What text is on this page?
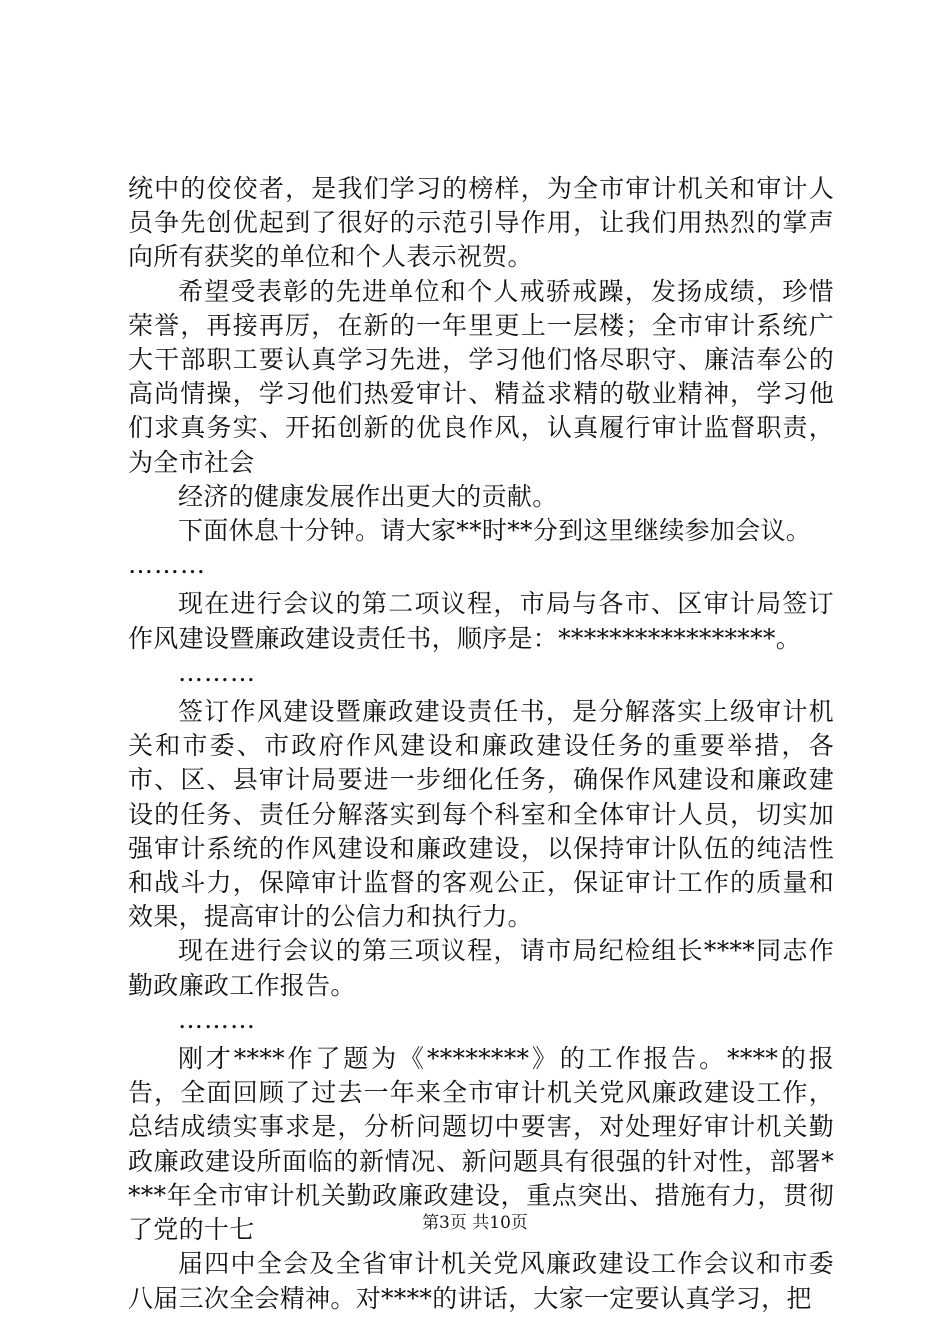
统中的佼佼者，是我们学习的榜样，为全市审计机关和审计人员争先创优起到了很好的示范引导作用，让我们用热烈的掌声向所有获奖的单位和个人表示祝贺。

希望受表彰的先进单位和个人戒骄戒躁，发扬成绩，珍惜荣誉，再接再厉，在新的一年里更上一层楼；全市审计系统广大干部职工要认真学习先进，学习他们恪尽职守、廉洁奉公的高尚情操，学习他们热爱审计、精益求精的敬业精神，学习他们求真务实、开拓创新的优良作风，认真履行审计监督职责，为全市社会

经济的健康发展作出更大的贡献。

下面休息十分钟。请大家**时**分到这里继续参加会议。

………

现在进行会议的第二项议程，市局与各市、区审计局签订作风建设暨廉政建设责任书，顺序是：*****************。

………

签订作风建设暨廉政建设责任书，是分解落实上级审计机关和市委、市政府作风建设和廉政建设任务的重要举措，各市、区、县审计局要进一步细化任务，确保作风建设和廉政建设的任务、责任分解落实到每个科室和全体审计人员，切实加强审计系统的作风建设和廉政建设，以保持审计队伍的纯洁性和战斗力，保障审计监督的客观公正，保证审计工作的质量和效果，提高审计的公信力和执行力。

现在进行会议的第三项议程，请市局纪检组长****同志作勤政廉政工作报告。

………

刚才****作了题为《********》的工作报告。****的报告，全面回顾了过去一年来全市审计机关党风廉政建设工作，总结成绩实事求是，分析问题切中要害，对处理好审计机关勤政廉政建设所面临的新情况、新问题具有很强的针对性，部署****年全市审计机关勤政廉政建设，重点突出、措施有力，贯彻了党的十七

届四中全会及全省审计机关党风廉政建设工作会议和市委八届三次全会精神。对****的讲话，大家一定要认真学习，把

第3页 共10页
